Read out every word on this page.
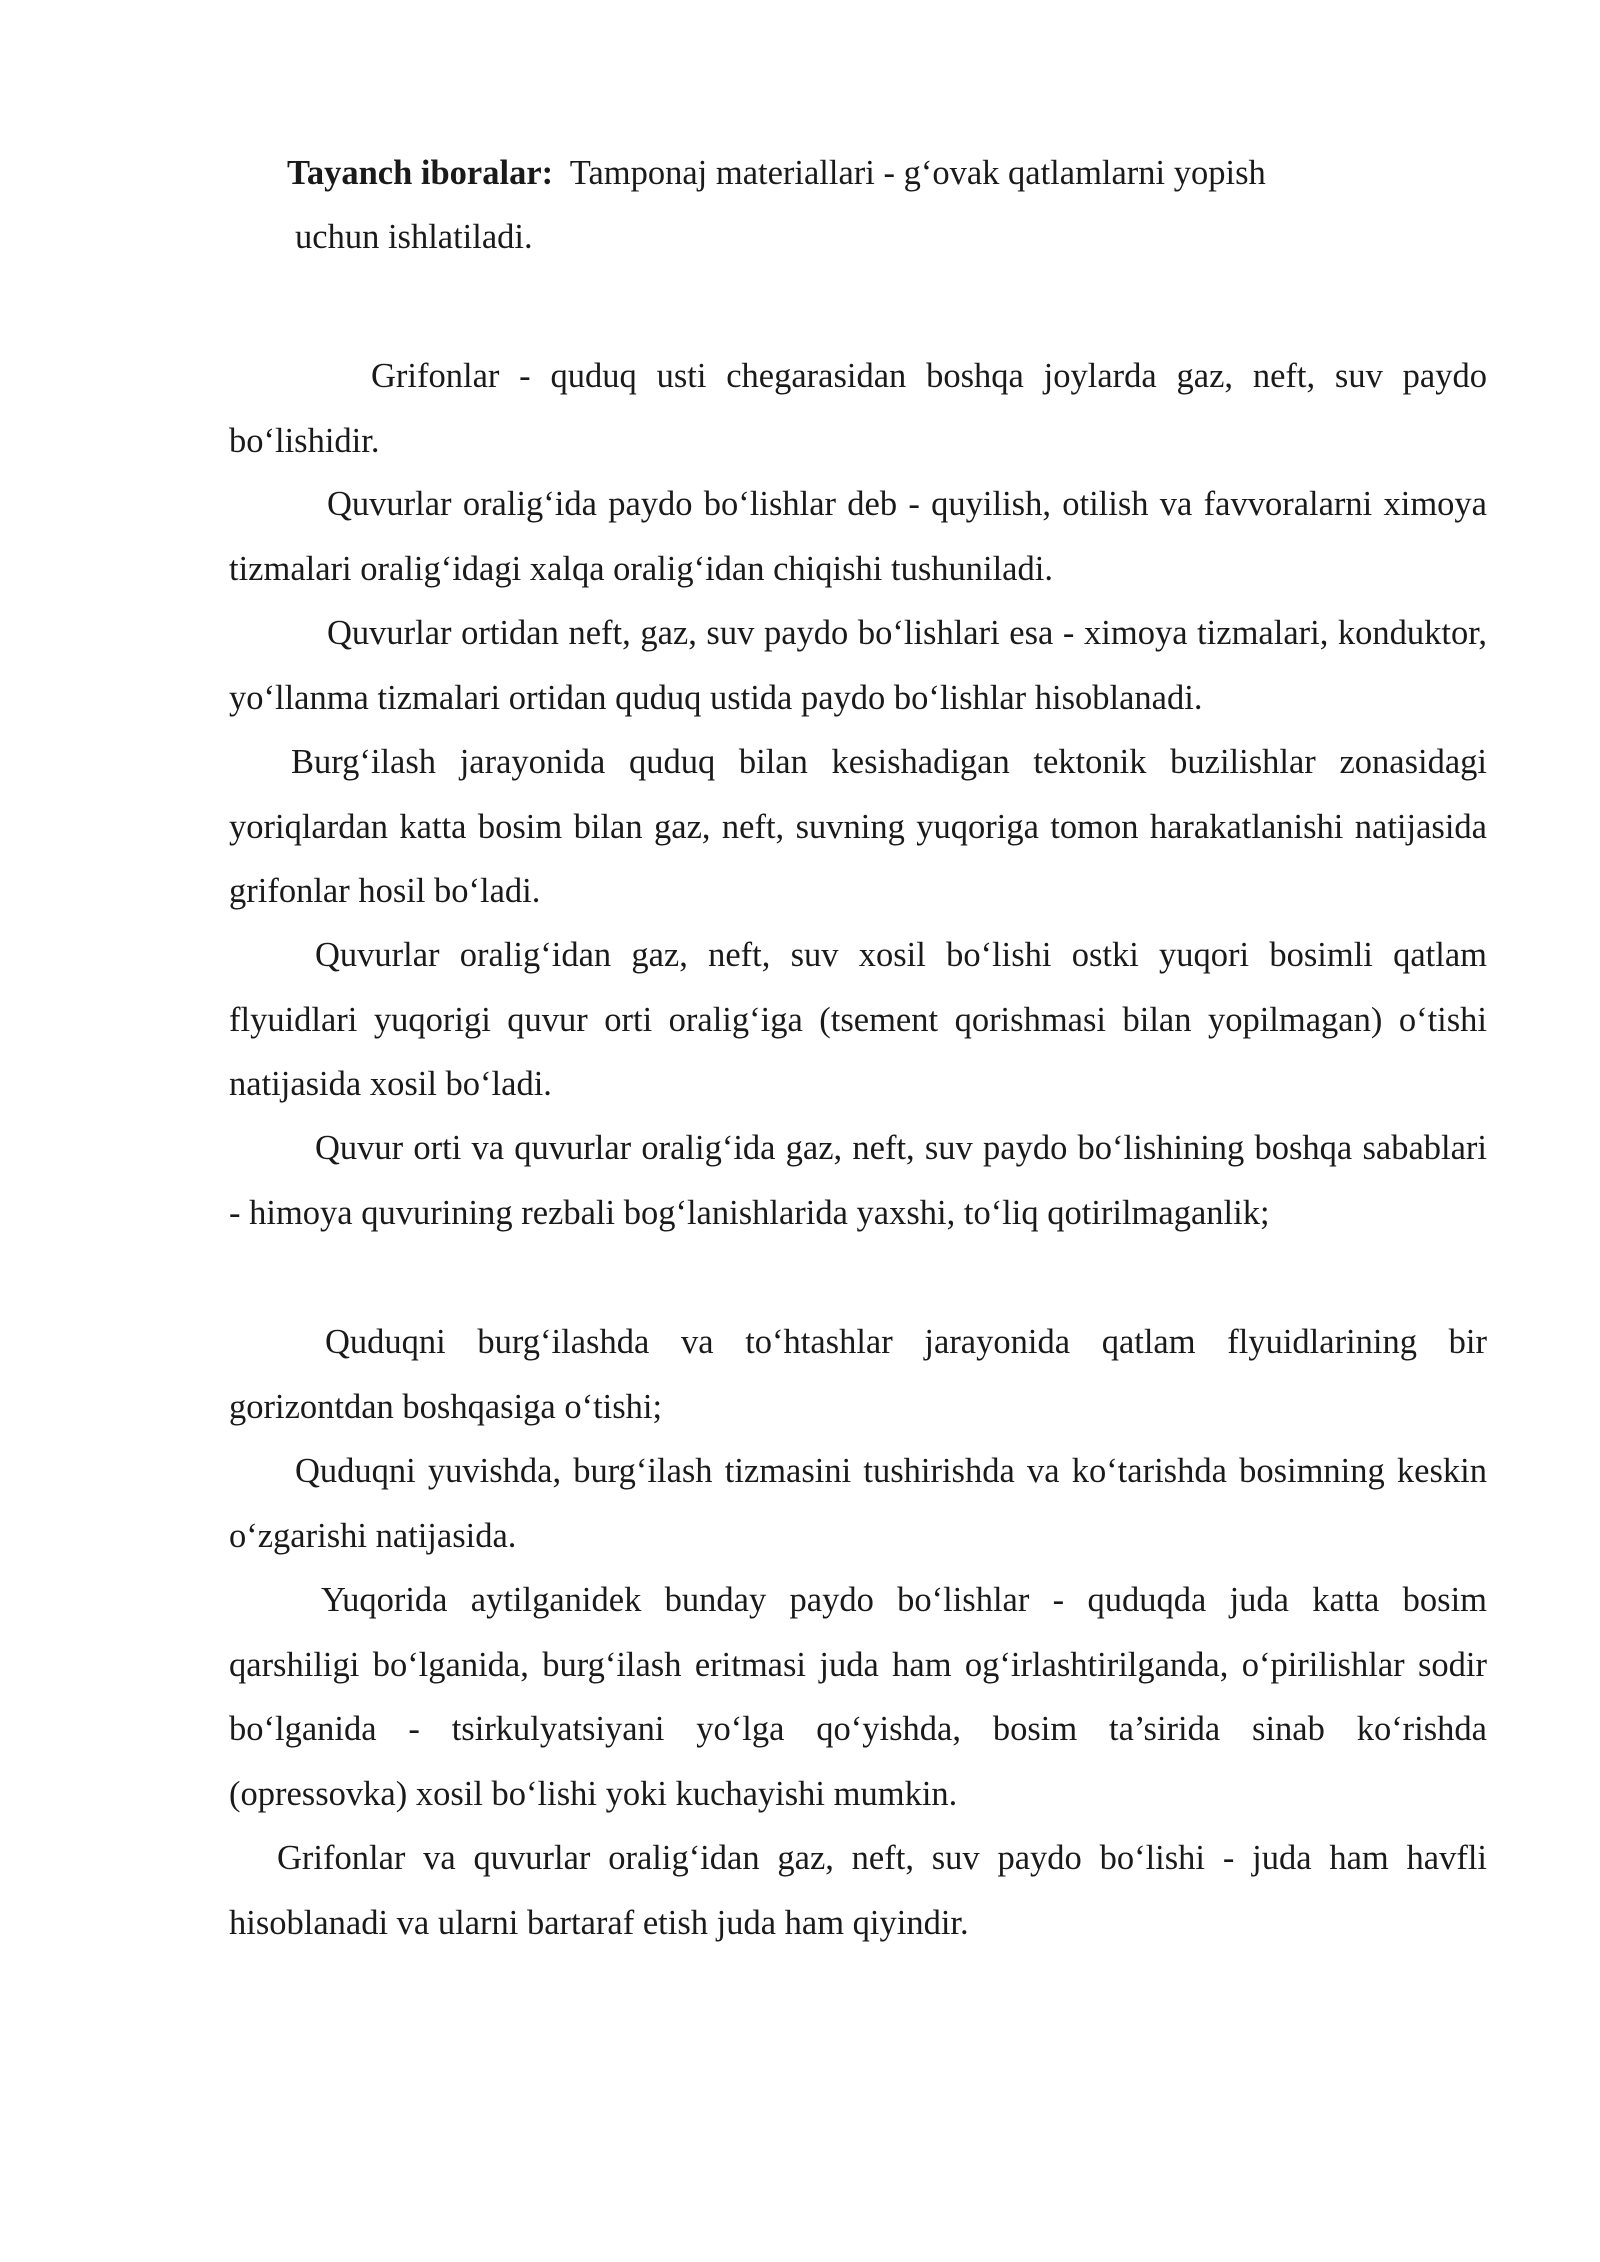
Tayanch iboralar: Tamponaj materiallari - g‘ovak qatlamlarni yopish
uchun ishlatiladi.

Grifonlar - quduq usti chegarasidan boshqa joylarda gaz, neft, suv paydo bo‘lishidir.

Quvurlar oralig‘ida paydo bo‘lishlar deb - quyilish, otilish va favvoralarni ximoya tizmalari oralig‘idagi xalqa oralig‘idan chiqishi tushuniladi.

Quvurlar ortidan neft, gaz, suv paydo bo‘lishlari esa - ximoya tizmalari, konduktor, yo‘llanma tizmalari ortidan quduq ustida paydo bo‘lishlar hisoblanadi.

Burg‘ilash jarayonida quduq bilan kesishadigan tektonik buzilishlar zonasidagi yoriqlardan katta bosim bilan gaz, neft, suvning yuqoriga tomon harakatlanishi natijasida grifonlar hosil bo‘ladi.

Quvurlar oralig‘idan gaz, neft, suv xosil bo‘lishi ostki yuqori bosimli qatlam flyuidlari yuqorigi quvur orti oralig‘iga (tsement qorishmasi bilan yopilmagan) o‘tishi natijasida xosil bo‘ladi.

Quvur orti va quvurlar oralig‘ida gaz, neft, suv paydo bo‘lishining boshqa sabablari - himoya quvurining rezbali bog‘lanishlarida yaxshi, to‘liq qotirilmaganlik;

Quduqni burg‘ilashda va to‘htashlar jarayonida qatlam flyuidlarining bir gorizontdan boshqasiga o‘tishi;

Quduqni yuvishda, burg‘ilash tizmasini tushirishda va ko‘tarishda bosimning keskin o‘zgarishi natijasida.

Yuqorida aytilganidek bunday paydo bo‘lishlar - quduqda juda katta bosim qarshiligi bo‘lganida, burg‘ilash eritmasi juda ham og‘irlashtirilganda, o‘pirilishlar sodir bo‘lganida - tsirkulyatsiyani yo‘lga qo‘yishda, bosim ta’sirida sinab ko‘rishda (opressovka) xosil bo‘lishi yoki kuchayishi mumkin.

Grifonlar va quvurlar oralig‘idan gaz, neft, suv paydo bo‘lishi - juda ham havfli hisoblanadi va ularni bartaraf etish juda ham qiyindir.
